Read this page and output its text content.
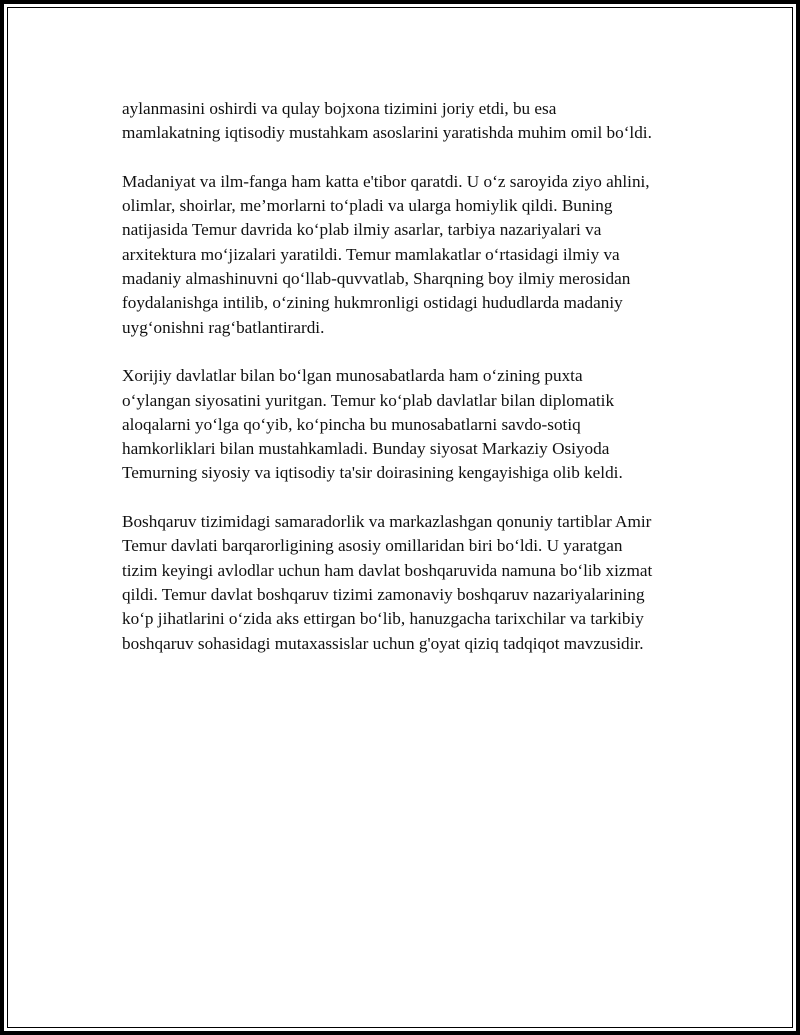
aylanmasini oshirdi va qulay bojxona tizimini joriy etdi, bu esa
mamlakatning iqtisodiy mustahkam asoslarini yaratishda muhim omil bo‘ldi.

Madaniyat va ilm-fanga ham katta e'tibor qaratdi. U o‘z saroyida ziyo ahlini,
olimlar, shoirlar, me’morlarni to‘pladi va ularga homiylik qildi. Buning
natijasida Temur davrida ko‘plab ilmiy asarlar, tarbiya nazariyalari va
arxitektura mo‘jizalari yaratildi. Temur mamlakatlar o‘rtasidagi ilmiy va
madaniy almashinuvni qo‘llab-quvvatlab, Sharqning boy ilmiy merosidan
foydalanishga intilib, o‘zining hukmronligi ostidagi hududlarda madaniy
uyg‘onishni rag‘batlantirardi.

Xorijiy davlatlar bilan bo‘lgan munosabatlarda ham o‘zining puxta
o‘ylangan siyosatini yuritgan. Temur ko‘plab davlatlar bilan diplomatik
aloqalarni yo‘lga qo‘yib, ko‘pincha bu munosabatlarni savdo-sotiq
hamkorliklari bilan mustahkamladi. Bunday siyosat Markaziy Osiyoda
Temurning siyosiy va iqtisodiy ta'sir doirasining kengayishiga olib keldi.

Boshqaruv tizimidagi samaradorlik va markazlashgan qonuniy tartiblar Amir
Temur davlati barqarorligining asosiy omillaridan biri bo‘ldi. U yaratgan
tizim keyingi avlodlar uchun ham davlat boshqaruvida namuna bo‘lib xizmat
qildi. Temur davlat boshqaruv tizimi zamonaviy boshqaruv nazariyalarining
ko‘p jihatlarini o‘zida aks ettirgan bo‘lib, hanuzgacha tarixchilar va tarkibiy
boshqaruv sohasidagi mutaxassislar uchun g'oyat qiziq tadqiqot mavzusidir.
